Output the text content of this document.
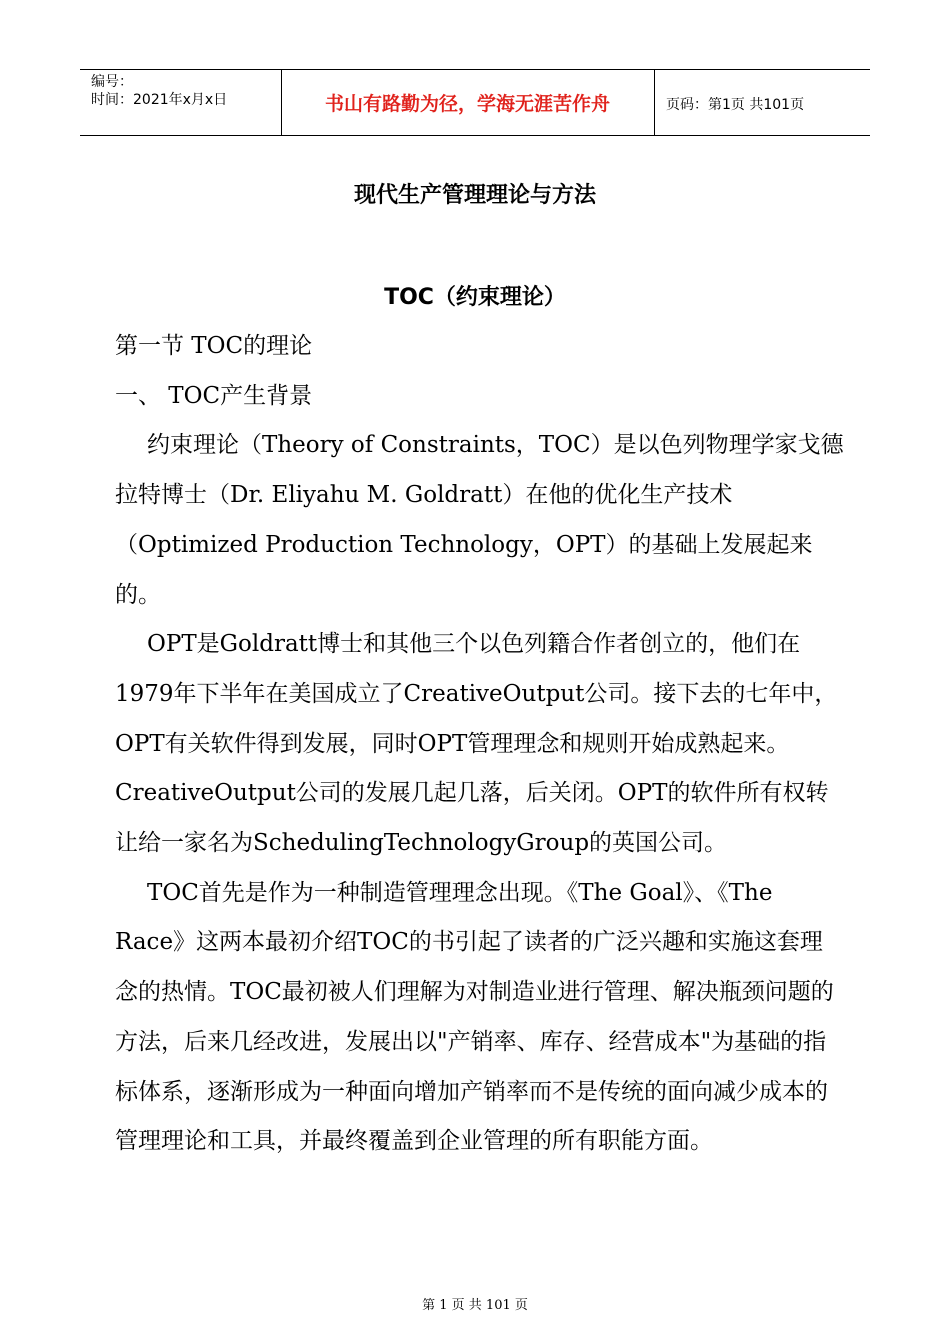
编号：
时间：2021年x月x日	书山有路勤为径，学海无涯苦作舟	页码：第1页 共101页
现代生产管理理论与方法
TOC（约束理论）

第一节 TOC的理论

一、 TOC产生背景

约束理论（Theory of Constraints，TOC）是以色列物理学家戈德拉特博士（Dr. Eliyahu M. Goldratt）在他的优化生产技术（Optimized Production Technology，OPT）的基础上发展起来的。

OPT是Goldratt博士和其他三个以色列籍合作者创立的，他们在1979年下半年在美国成立了CreativeOutput公司。接下去的七年中，OPT有关软件得到发展，同时OPT管理理念和规则开始成熟起来。CreativeOutput公司的发展几起几落，后关闭。OPT的软件所有权转让给一家名为SchedulingTechnologyGroup的英国公司。

TOC首先是作为一种制造管理理念出现。《The Goal》、《The Race》这两本最初介绍TOC的书引起了读者的广泛兴趣和实施这套理念的热情。TOC最初被人们理解为对制造业进行管理、解决瓶颈问题的方法，后来几经改进，发展出以"产销率、库存、经营成本"为基础的指标体系，逐渐形成为一种面向增加产销率而不是传统的面向减少成本的管理理论和工具，并最终覆盖到企业管理的所有职能方面。

第 1 页 共 101 页
